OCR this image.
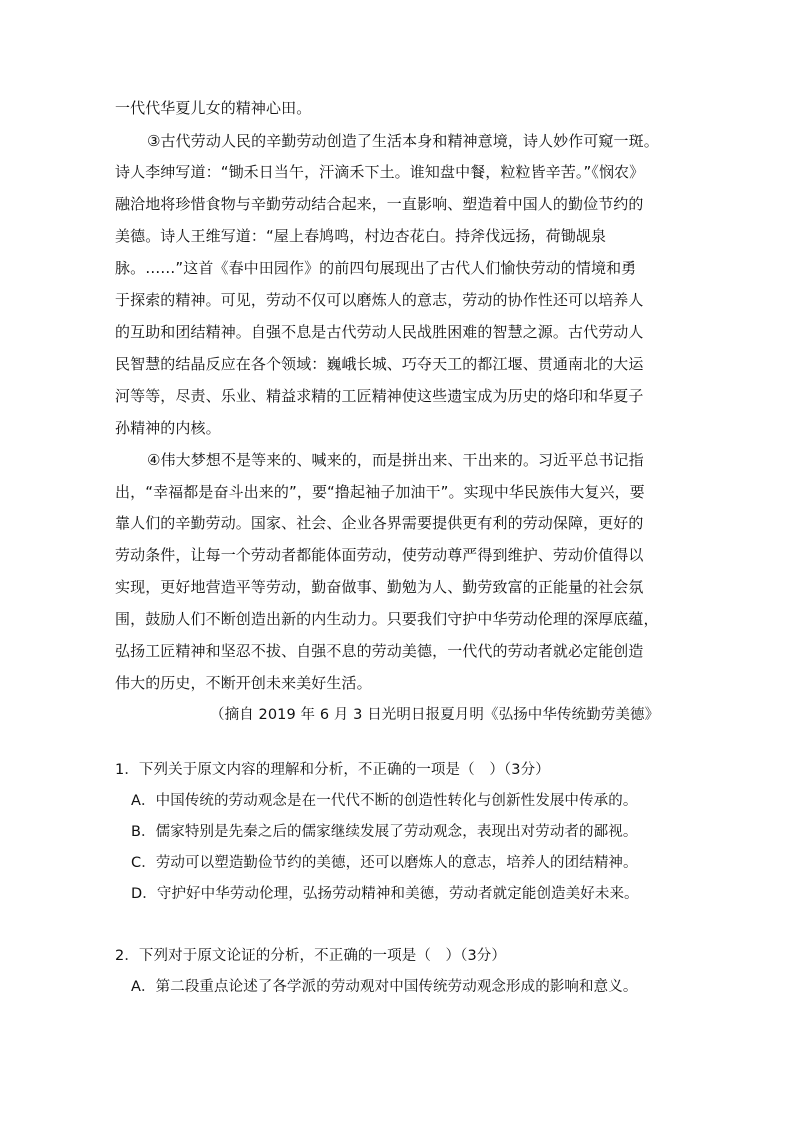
一代代华夏儿女的精神心田。
③古代劳动人民的辛勤劳动创造了生活本身和精神意境，诗人妙作可窥一斑。
诗人李绅写道：“锄禾日当午，汗滴禾下土。谁知盘中餐，粒粒皆辛苦。”《悯农》
融洽地将珍惜食物与辛勤劳动结合起来，一直影响、塑造着中国人的勤俭节约的
美德。诗人王维写道：“屋上春鸠鸣，村边杏花白。持斧伐远扬，荷锄觇泉
脉。……”这首《春中田园作》的前四句展现出了古代人们愉快劳动的情境和勇
于探索的精神。可见，劳动不仅可以磨炼人的意志，劳动的协作性还可以培养人
的互助和团结精神。自强不息是古代劳动人民战胜困难的智慧之源。古代劳动人
民智慧的结晶反应在各个领域：巍峨长城、巧夺天工的都江堰、贯通南北的大运
河等等，尽责、乐业、精益求精的工匠精神使这些遗宝成为历史的烙印和华夏子
孙精神的内核。
④伟大梦想不是等来的、喊来的，而是拼出来、干出来的。习近平总书记指
出，“幸福都是奋斗出来的”，要“撸起袖子加油干”。实现中华民族伟大复兴，要
靠人们的辛勤劳动。国家、社会、企业各界需要提供更有利的劳动保障，更好的
劳动条件，让每一个劳动者都能体面劳动，使劳动尊严得到维护、劳动价值得以
实现，更好地营造平等劳动，勤奋做事、勤勉为人、勤劳致富的正能量的社会氛
围，鼓励人们不断创造出新的内生动力。只要我们守护中华劳动伦理的深厚底蕴，
弘扬工匠精神和坚忍不拔、自强不息的劳动美德，一代代的劳动者就必定能创造
伟大的历史，不断开创未来美好生活。
（摘自 2019 年 6 月 3 日光明日报夏月明《弘扬中华传统勤劳美德》
1．下列关于原文内容的理解和分析，不正确的一项是（　）（3分）
A．中国传统的劳动观念是在一代代不断的创造性转化与创新性发展中传承的。
B．儒家特别是先秦之后的儒家继续发展了劳动观念，表现出对劳动者的鄙视。
C．劳动可以塑造勤俭节约的美德，还可以磨炼人的意志，培养人的团结精神。
D．守护好中华劳动伦理，弘扬劳动精神和美德，劳动者就定能创造美好未来。
2．下列对于原文论证的分析，不正确的一项是（　）（3分）
A．第二段重点论述了各学派的劳动观对中国传统劳动观念形成的影响和意义。
